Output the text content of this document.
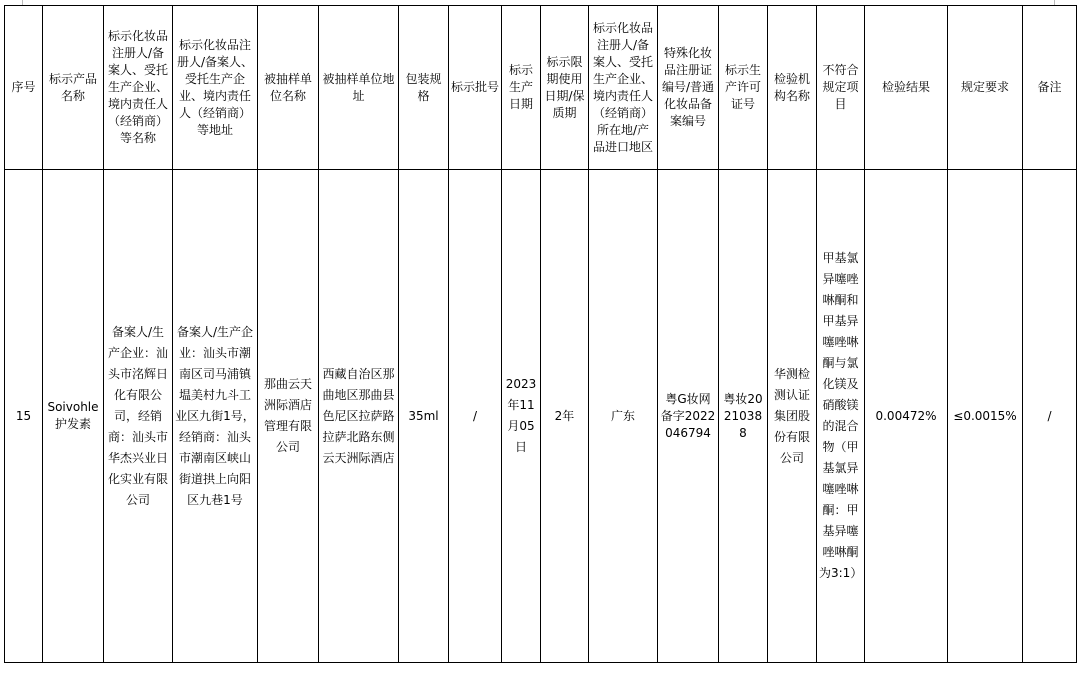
序号	标示产品名称	标示化妆品注册人/备案人、受托生产企业、境内责任人（经销商）等名称	标示化妆品注册人/备案人、受托生产企业、境内责任人（经销商）等地址	被抽样单位名称	被抽样单位地址	包装规格	标示批号	标示生产日期	标示限期使用日期/保质期	标示化妆品注册人/备案人、受托生产企业、境内责任人（经销商）所在地/产品进口地区	特殊化妆品注册证编号/普通化妆品备案编号	标示生产许可证号	检验机构名称	不符合规定项目	检验结果	规定要求	备注
15	Soivohle护发素	备案人/生产企业：汕头市洺辉日化有限公司，经销商：汕头市华杰兴业日化实业有限公司	备案人/生产企业：汕头市潮南区司马浦镇塭美村九斗工业区九街1号，经销商：汕头市潮南区峡山街道拱上向阳区九巷1号	那曲云天洲际酒店管理有限公司	西藏自治区那曲地区那曲县色尼区拉萨路拉萨北路东侧云天洲际酒店	35ml	/	2023年11月05日	2年	广东	粤G妆网备字2022046794	粤妆20210388	华测检测认证集团股份有限公司	甲基氯异噻唑啉酮和甲基异噻唑啉酮与氯化镁及硝酸镁的混合物（甲基氯异噻唑啉酮：甲基异噻唑啉酮为3:1）	0.00472%	≤0.0015%	/
